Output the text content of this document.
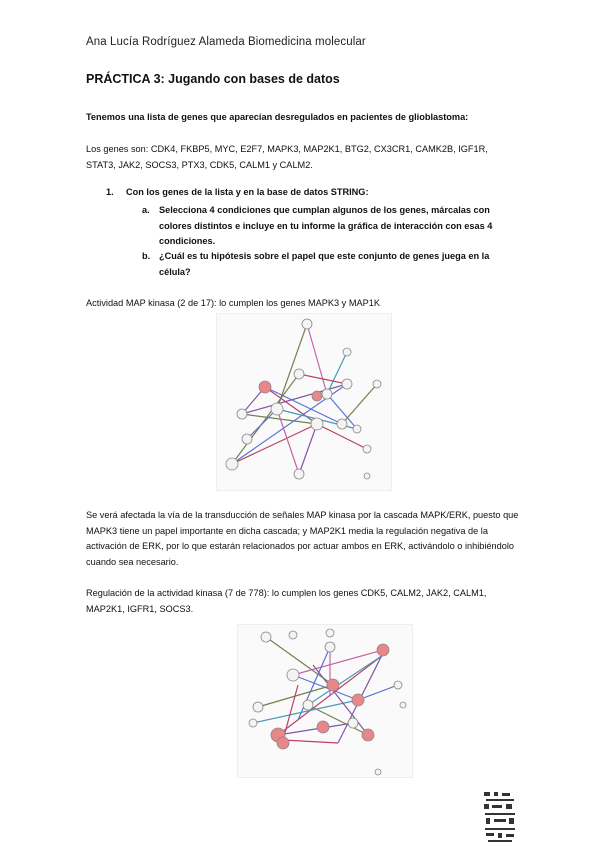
Ana Lucía Rodríguez Alameda Biomedicina molecular
PRÁCTICA 3: Jugando con bases de datos
Tenemos una lista de genes que aparecían desregulados en pacientes de glioblastoma:
Los genes son: CDK4, FKBP5, MYC, E2F7, MAPK3, MAP2K1, BTG2, CX3CR1, CAMK2B, IGF1R, STAT3, JAK2, SOCS3, PTX3, CDK5, CALM1 y CALM2.
1. Con los genes de la lista y en la base de datos STRING:
a. Selecciona 4 condiciones que cumplan algunos de los genes, márcalas con colores distintos e incluye en tu informe la gráfica de interacción con esas 4 condiciones.
b. ¿Cuál es tu hipótesis sobre el papel que este conjunto de genes juega en la célula?
Actividad MAP kinasa (2 de 17): lo cumplen los genes MAPK3 y MAP1K
Se verá afectada la vía de la transducción de señales MAP kinasa por la cascada MAPK/ERK, puesto que MAPK3 tiene un papel importante en dicha cascada; y MAP2K1 media la regulación negativa de la activación de ERK, por lo que estarán relacionados por actuar ambos en ERK, activándolo o inhibiéndolo cuando sea necesario.
Regulación de la actividad kinasa (7 de 778): lo cumplen los genes CDK5, CALM2, JAK2, CALM1, MAP2K1, IGFR1, SOCS3.
